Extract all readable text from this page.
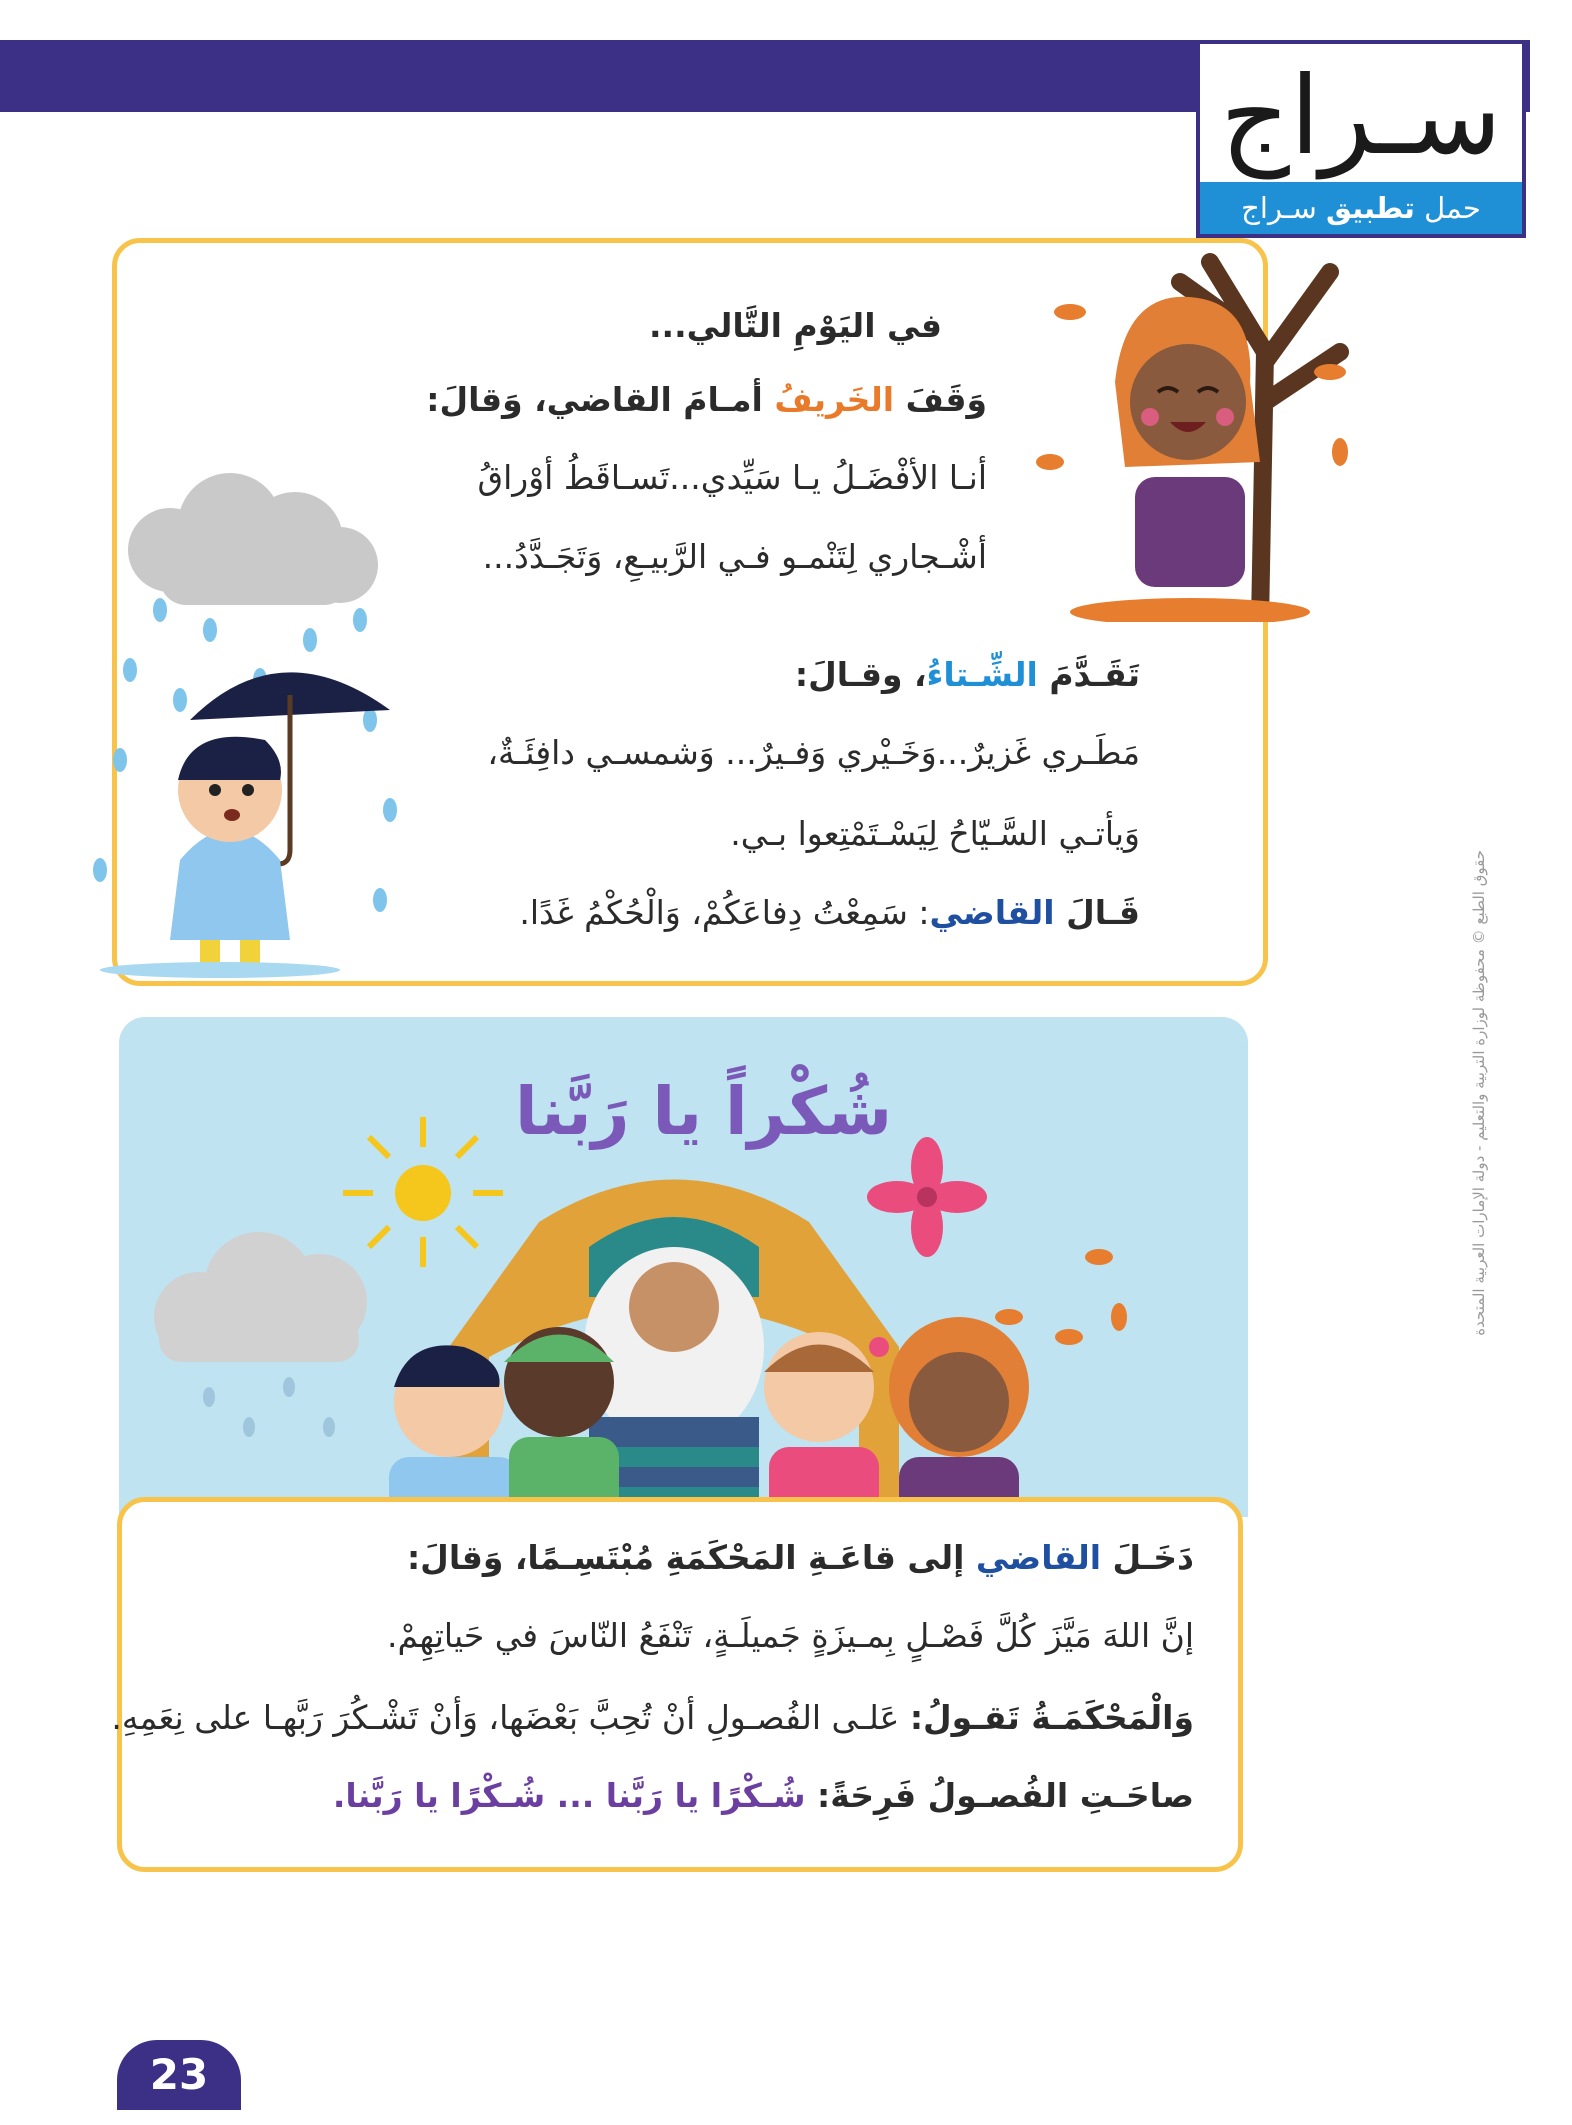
سـراج
حمل تطبيق سـراج
في اليَوْمِ التَّالي...
وَقَفَ الخَريفُ أمـامَ القاضي، وَقالَ:
أنـا الأفْضَـلُ يـا سَيِّدي...تَسـاقَطُ أوْراقُ
أشْـجاري لِتَنْمـو فـي الرَّبيـعِ، وَتَجَـدَّدُ...
تَقَـدَّمَ الشِّـتاءُ، وقـالَ:
مَطَـري غَزيرٌ...وَخَـيْري وَفـيرٌ... وَشمسـي دافِئَـةٌ،
وَيأتـي السَّـيّاحُ لِيَسْـتَمْتِعوا بـي.
قَـالَ القاضي: سَمِعْتُ دِفاعَكُمْ، وَالْحُكْمُ غَدًا.
شُكْراً يا رَبَّنا
دَخَـلَ القاضي إلى قاعَـةِ المَحْكَمَةِ مُبْتَسِـمًا، وَقالَ:
إنَّ اللهَ مَيَّزَ كُلَّ فَصْـلٍ بِمـيزَةٍ جَميلَـةٍ، تَنْفَعُ النّاسَ في حَياتِهِمْ.
وَالْمَحْكَمَـةُ تَقـولُ: عَلـى الفُصـولِ أنْ تُحِبَّ بَعْضَها، وَأنْ تَشْـكُرَ رَبَّهـا على نِعَمِهِ.
صاحَـتِ الفُصـولُ فَرِحَةً: شُـكْرًا يا رَبَّنا ... شُـكْرًا يا رَبَّنا.
حقوق الطبع © محفوظة لوزارة التربية والتعليم - دولة الإمارات العربية المتحدة
23
